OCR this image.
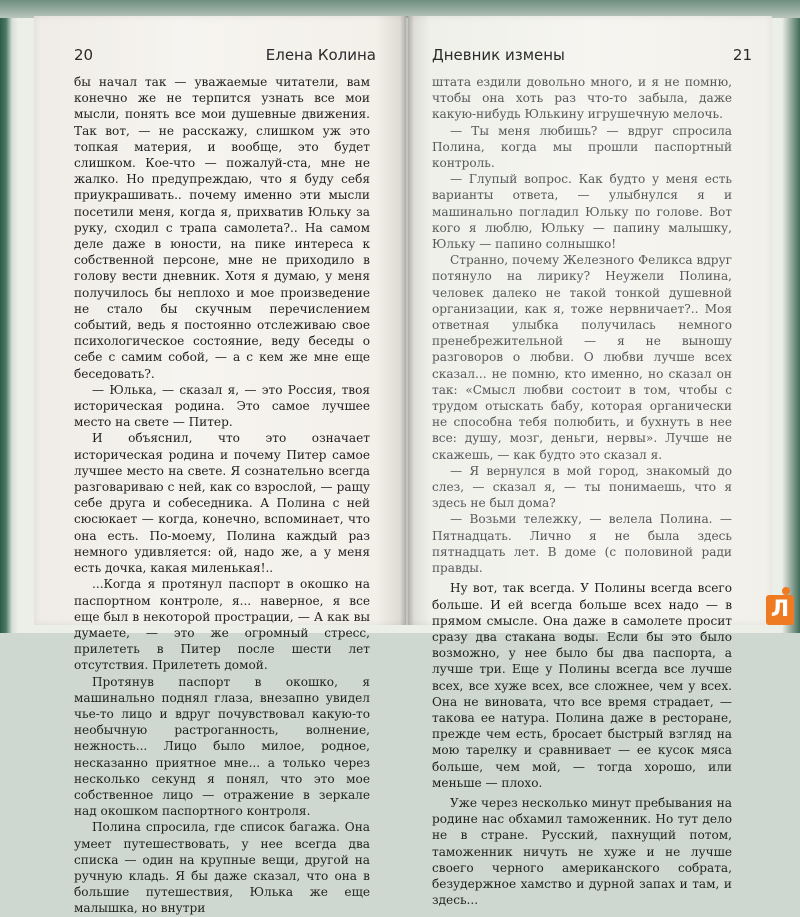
20	Елена Колина

бы начал так — уважаемые читатели, вам конечно же не терпится узнать все мои мысли, понять все мои душевные движения. Так вот, — не расскажу, слишком уж это топкая материя, и вообще, это будет слишком. Кое-что — пожалуй-ста, мне не жалко. Но предупреждаю, что я буду себя приукрашивать.. почему именно эти мысли посетили меня, когда я, прихватив Юльку за руку, сходил с трапа самолета?.. На самом деле даже в юности, на пике интереса к собственной персоне, мне не приходило в голову вести дневник. Хотя я думаю, у меня получилось бы неплохо и мое произведение не стало бы скучным перечислением событий, ведь я постоянно отслеживаю свое психологическое состояние, веду беседы о себе с самим собой, — а с кем же мне еще беседовать?.

— Юлька, — сказал я, — это Россия, твоя историческая родина. Это самое лучшее место на свете — Питер.

И объяснил, что это означает историческая родина и почему Питер самое лучшее место на свете. Я сознательно всегда разговариваю с ней, как со взрослой, — ращу себе друга и собеседника. А Полина с ней сюсюкает — когда, конечно, вспоминает, что она есть. По-моему, Полина каждый раз немного удивляется: ой, надо же, а у меня есть дочка, какая миленькая!..

...Когда я протянул паспорт в окошко на паспортном контроле, я... наверное, я все еще был в некоторой прострации, — А как вы думаете, — это же огромный стресс, прилететь в Питер после шести лет отсутствия. Прилететь домой.

Протянув паспорт в окошко, я машинально поднял глаза, внезапно увидел чье-то лицо и вдруг почувствовал какую-то необычную растроганность, волнение, нежность... Лицо было милое, родное, несказанно приятное мне... а только через несколько секунд я понял, что это мое собственное лицо — отражение в зеркале над окошком паспортного контроля.

Полина спросила, где список багажа. Она умеет путешествовать, у нее всегда два списка — один на крупные вещи, другой на ручную кладь. Я бы даже сказал, что она в большие путешествия, Юлька же еще малышка, но внутри

Дневник измены	21

штата ездили довольно много, и я не помню, чтобы она хоть раз что-то забыла, даже какую-нибудь Юлькину игрушечную мелочь.

— Ты меня любишь? — вдруг спросила Полина, когда мы прошли паспортный контроль.

— Глупый вопрос. Как будто у меня есть варианты ответа, — улыбнулся я и машинально погладил Юльку по голове. Вот кого я люблю, Юльку — папину малышку, Юльку — папино солнышко!

Странно, почему Железного Феликса вдруг потянуло на лирику? Неужели Полина, человек далеко не такой тонкой душевной организации, как я, тоже нервничает?.. Моя ответная улыбка получилась немного пренебрежительной — я не выношу разговоров о любви. О любви лучше всех сказал... не помню, кто именно, но сказал он так: «Смысл любви состоит в том, чтобы с трудом отыскать бабу, которая органически не способна тебя полюбить, и бухнуть в нее все: душу, мозг, деньги, нервы». Лучше не скажешь, — как будто это сказал я.

— Я вернулся в мой город, знакомый до слез, — сказал я, — ты понимаешь, что я здесь не был дома?

— Возьми тележку, — велела Полина. — Пятнадцать. Лично я не была здесь пятнадцать лет. В доме (с половиной ради правды.

Ну вот, так всегда. У Полины всегда всего больше. И ей всегда больше всех надо — в прямом смысле. Она даже в самолете просит сразу два стакана воды. Если бы это было возможно, у нее было бы два паспорта, а лучше три. Еще у Полины всегда все лучше всех, все хуже всех, все сложнее, чем у всех. Она не виновата, что все время страдает, — такова ее натура. Полина даже в ресторане, прежде чем есть, бросает быстрый взгляд на мою тарелку и сравнивает — ее кусок мяса больше, чем мой, — тогда хорошо, или меньше — плохо.

Уже через несколько минут пребывания на родине нас обхамил таможенник. Но тут дело не в стране. Русский, пахнущий потом, таможенник ничуть не хуже и не лучше своего черного американского собрата, безудержное хамство и дурной запах и там, и здесь...

Л
